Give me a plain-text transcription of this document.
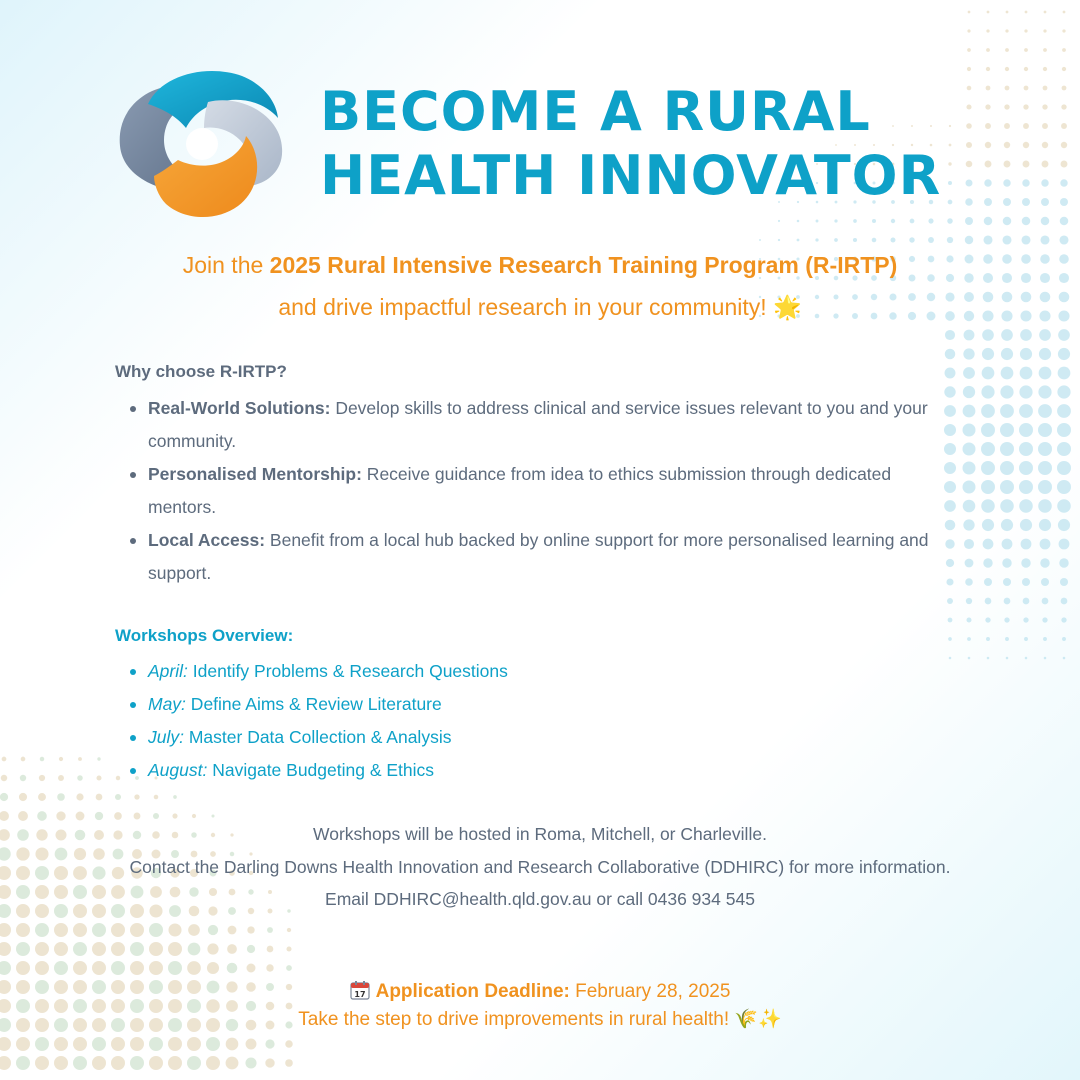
BECOME A RURAL
HEALTH INNOVATOR
Join the 2025 Rural Intensive Research Training Program (R-IRTP)
and drive impactful research in your community! 🌟
Why choose R-IRTP?
Real-World Solutions: Develop skills to address clinical and service issues relevant to you and your community.
Personalised Mentorship: Receive guidance from idea to ethics submission through dedicated mentors.
Local Access: Benefit from a local hub backed by online support for more personalised learning and support.
Workshops Overview:
April: Identify Problems & Research Questions
May: Define Aims & Review Literature
July: Master Data Collection & Analysis
August: Navigate Budgeting & Ethics
Workshops will be hosted in Roma, Mitchell, or Charleville.
Contact the Darling Downs Health Innovation and Research Collaborative (DDHIRC) for more information.
Email DDHIRC@health.qld.gov.au or call 0436 934 545
17 Application Deadline: February 28, 2025
Take the step to drive improvements in rural health! 🌾✨
